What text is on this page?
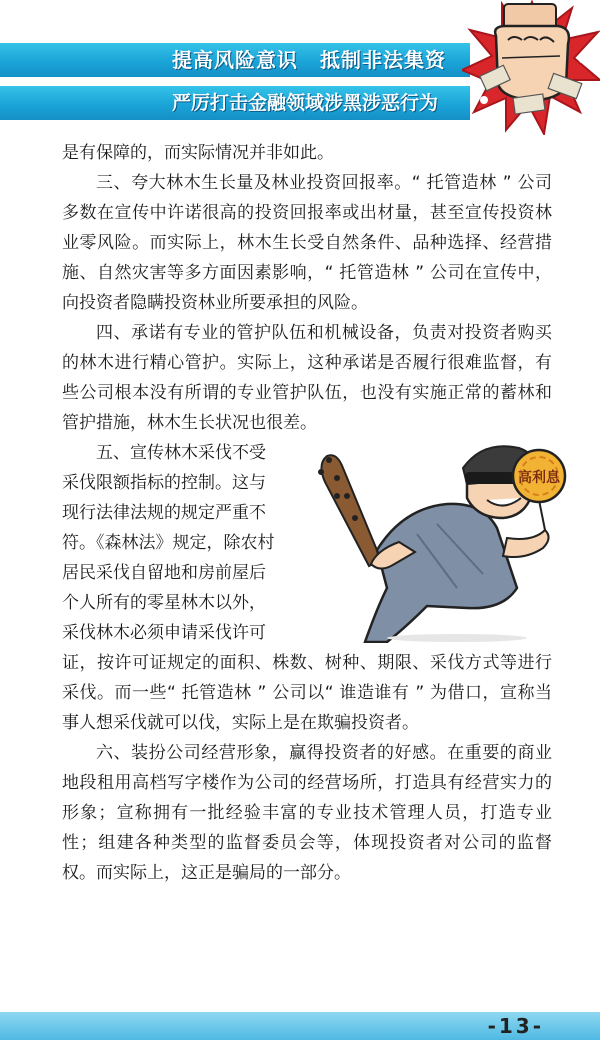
提高风险意识 抵制非法集资
严厉打击金融领域涉黑涉恶行为

是有保障的，而实际情况并非如此。

三、夸大林木生长量及林业投资回报率。“ 托管造林 ” 公司多数在宣传中许诺很高的投资回报率或出材量，甚至宣传投资林业零风险。而实际上，林木生长受自然条件、品种选择、经营措施、自然灾害等多方面因素影响，“ 托管造林 ” 公司在宣传中，向投资者隐瞒投资林业所要承担的风险。

四、承诺有专业的管护队伍和机械设备，负责对投资者购买的林木进行精心管护。实际上，这种承诺是否履行很难监督，有些公司根本没有所谓的专业管护队伍，也没有实施正常的蓄林和管护措施，林木生长状况也很差。

五、宣传林木采伐不受

采伐限额指标的控制。这与

现行法律法规的规定严重不

符。《森林法》规定，除农村

居民采伐自留地和房前屋后

个人所有的零星林木以外，

采伐林木必须申请采伐许可

高利息

证，按许可证规定的面积、株数、树种、期限、采伐方式等进行采伐。而一些“ 托管造林 ” 公司以“ 谁造谁有 ” 为借口，宣称当事人想采伐就可以伐，实际上是在欺骗投资者。

六、装扮公司经营形象，赢得投资者的好感。在重要的商业地段租用高档写字楼作为公司的经营场所，打造具有经营实力的形象；宣称拥有一批经验丰富的专业技术管理人员，打造专业性；组建各种类型的监督委员会等，体现投资者对公司的监督权。而实际上，这正是骗局的一部分。

-13-
